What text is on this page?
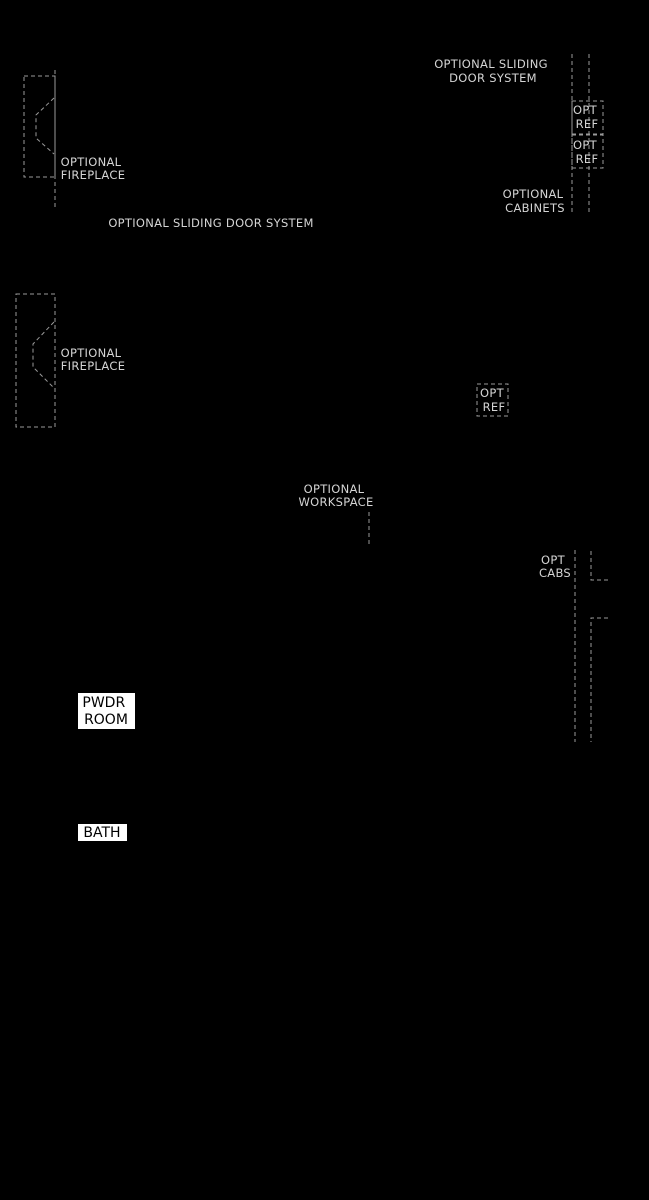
OPTIONAL SLIDING DOOR SYSTEM
OPT REF
OPT REF
OPTIONAL CABINETS
OPTIONAL FIREPLACE
OPTIONAL SLIDING DOOR SYSTEM
OPTIONAL FIREPLACE
OPT REF
OPTIONAL WORKSPACE
OPT CABS
PWDR ROOM
BATH
